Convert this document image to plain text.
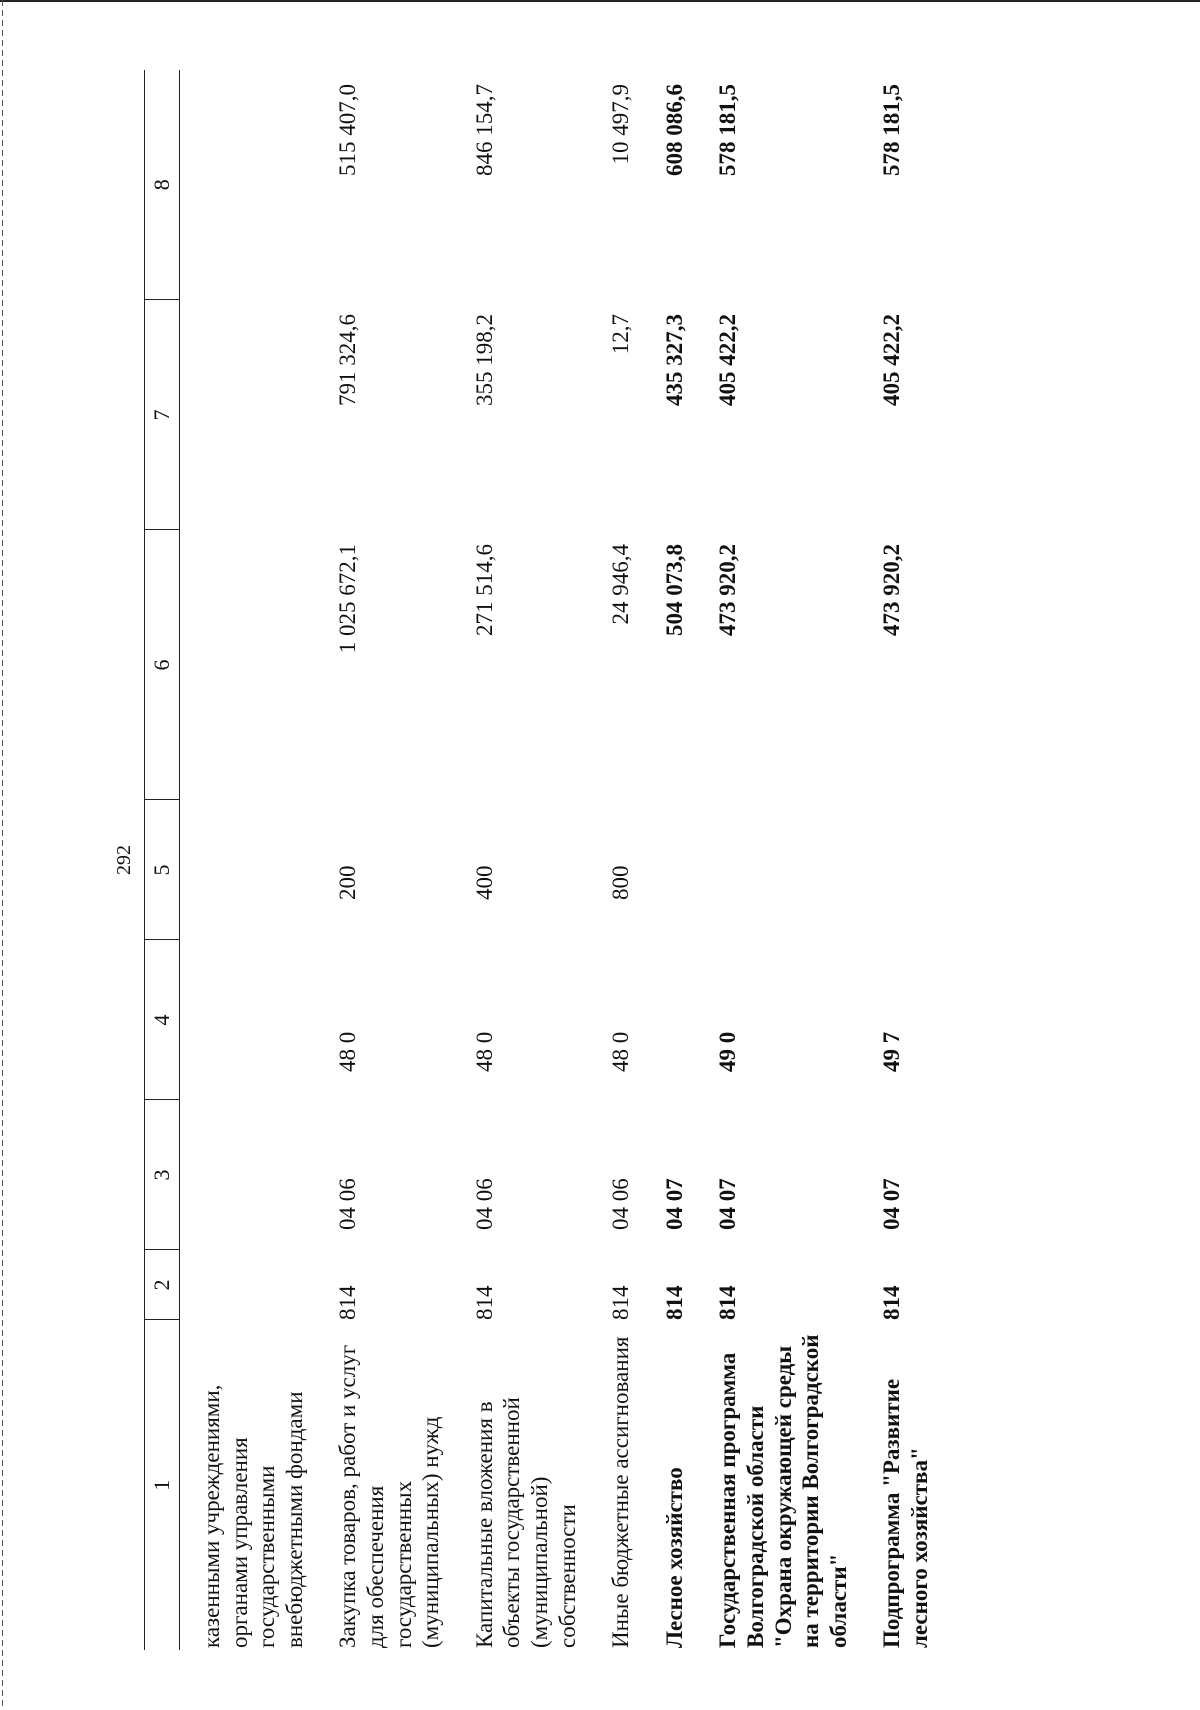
292
1	2	3	4	5	6	7	8
казенными учреждениями, органами управления государственными внебюджетными фондами							
Закупка товаров, работ и услуг для обеспечения государственных (муниципальных) нужд	814	04 06	48 0	200	1 025 672,1	791 324,6	515 407,0
Капитальные вложения в объекты государственной (муниципальной) собственности	814	04 06	48 0	400	271 514,6	355 198,2	846 154,7
Иные бюджетные ассигнования	814	04 06	48 0	800	24 946,4	12,7	10 497,9
Лесное хозяйство	814	04 07			504 073,8	435 327,3	608 086,6
Государственная программа Волгоградской области "Охрана окружающей среды на территории Волгоградской области"	814	04 07	49 0		473 920,2	405 422,2	578 181,5
Подпрограмма "Развитие лесного хозяйства"	814	04 07	49 7		473 920,2	405 422,2	578 181,5
